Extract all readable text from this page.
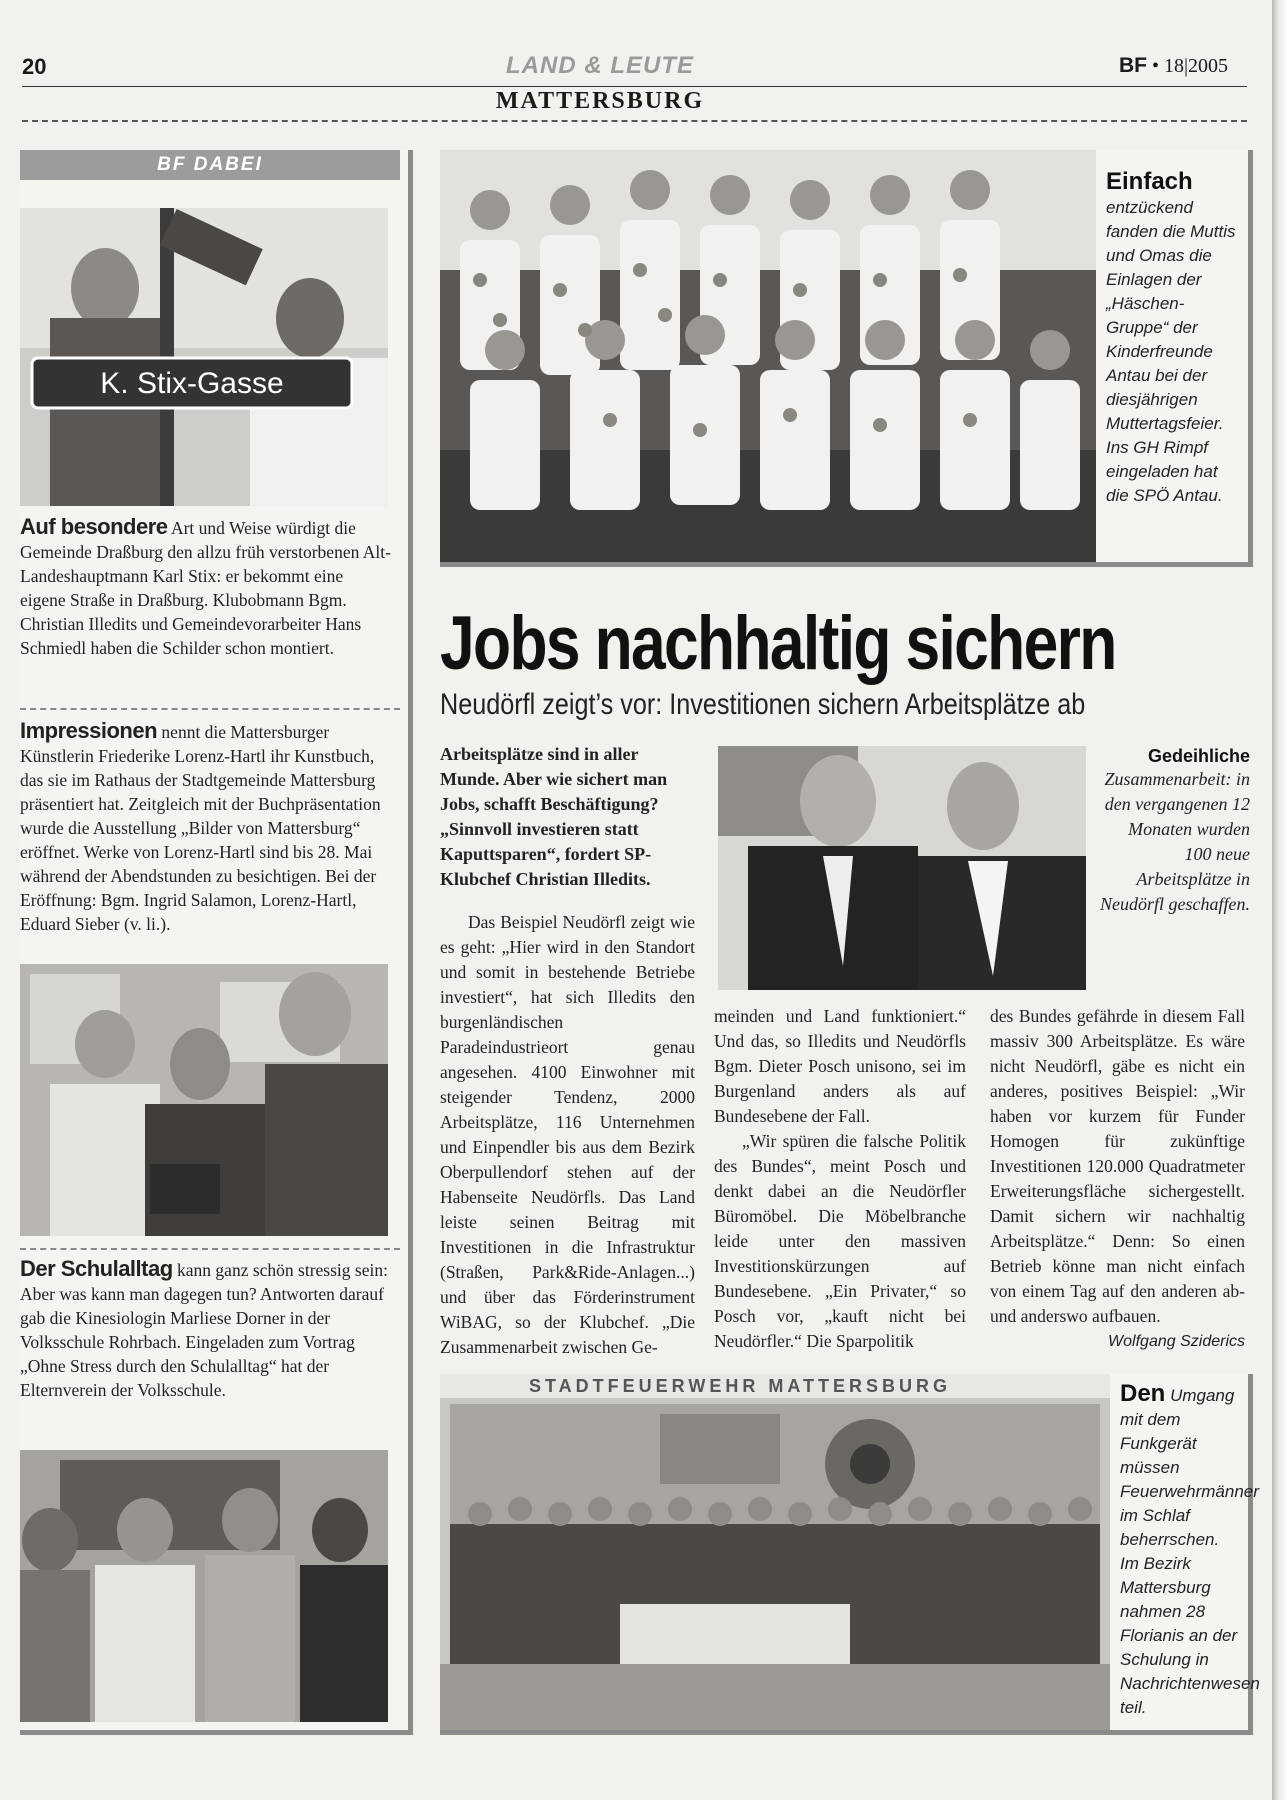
20	LAND & LEUTE	BF • 18|2005
MATTERSBURG
BF DABEI
K. Stix-Gasse
Auf besondere Art und Weise würdigt die Gemeinde Draßburg den allzu früh verstorbenen Alt-Landeshauptmann Karl Stix: er bekommt eine eigene Straße in Draßburg. Klubobmann Bgm. Christian Illedits und Gemeindevorarbeiter Hans Schmiedl haben die Schilder schon montiert.
Impressionen nennt die Mattersburger Künstlerin Friederike Lorenz-Hartl ihr Kunstbuch, das sie im Rathaus der Stadtgemeinde Mattersburg präsentiert hat. Zeitgleich mit der Buchpräsentation wurde die Ausstellung „Bilder von Mattersburg“ eröffnet. Werke von Lorenz-Hartl sind bis 28. Mai während der Abendstunden zu besichtigen. Bei der Eröffnung: Bgm. Ingrid Salamon, Lorenz-Hartl, Eduard Sieber (v. li.).
Der Schulalltag kann ganz schön stressig sein: Aber was kann man dagegen tun? Antworten darauf gab die Kinesiologin Marliese Dorner in der Volksschule Rohrbach. Eingeladen zum Vortrag „Ohne Stress durch den Schulalltag“ hat der Elternverein der Volksschule.
Einfach
entzückend fanden die Muttis und Omas die Einlagen der „Häschen-Gruppe“ der Kinderfreunde Antau bei der diesjährigen Muttertagsfeier. Ins GH Rimpf eingeladen hat die SPÖ Antau.
Jobs nachhaltig sichern
Neudörfl zeigt’s vor: Investitionen sichern Arbeitsplätze ab
Arbeitsplätze sind in aller Munde. Aber wie sichert man Jobs, schafft Beschäftigung? „Sinnvoll investieren statt Kaputtsparen“, fordert SP-Klubchef Christian Illedits.
Das Beispiel Neudörfl zeigt wie es geht: „Hier wird in den Standort und somit in bestehende Betriebe investiert“, hat sich Illedits den burgenländischen Paradeindustrieort genau angesehen. 4100 Einwohner mit steigender Tendenz, 2000 Arbeitsplätze, 116 Unternehmen und Einpendler bis aus dem Bezirk Oberpullendorf stehen auf der Habenseite Neudörfls. Das Land leiste seinen Beitrag mit Investitionen in die Infrastruktur (Straßen, Park&Ride-Anlagen...) und über das Förderinstrument WiBAG, so der Klubchef. „Die Zusammenarbeit zwischen Ge-
Gedeihliche
Zusammenarbeit: in den vergangenen 12 Monaten wurden 100 neue Arbeitsplätze in Neudörfl geschaffen.

meinden und Land funktioniert.“ Und das, so Illedits und Neudörfls Bgm. Dieter Posch unisono, sei im Burgenland anders als auf Bundesebene der Fall.

„Wir spüren die falsche Politik des Bundes“, meint Posch und denkt dabei an die Neudörfler Büromöbel. Die Möbelbranche leide unter den massiven Investitionskürzungen auf Bundesebene. „Ein Privater,“ so Posch vor, „kauft nicht bei Neudörfler.“ Die Sparpolitik

des Bundes gefährde in diesem Fall massiv 300 Arbeitsplätze. Es wäre nicht Neudörfl, gäbe es nicht ein anderes, positives Beispiel: „Wir haben vor kurzem für Funder Homogen für zukünftige Investitionen 120.000 Quadratmeter Erweiterungsfläche sichergestellt. Damit sichern wir nachhaltig Arbeitsplätze.“ Denn: So einen Betrieb könne man nicht einfach von einem Tag auf den anderen ab- und anderswo aufbauen.
Wolfgang Sziderics
STADTFEUERWEHR MATTERSBURG	Den Umgang mit dem Funkgerät müssen Feuerwehrmänner im Schlaf beherrschen. Im Bezirk Mattersburg nahmen 28 Florianis an der Schulung in Nachrichtenwesen teil.
